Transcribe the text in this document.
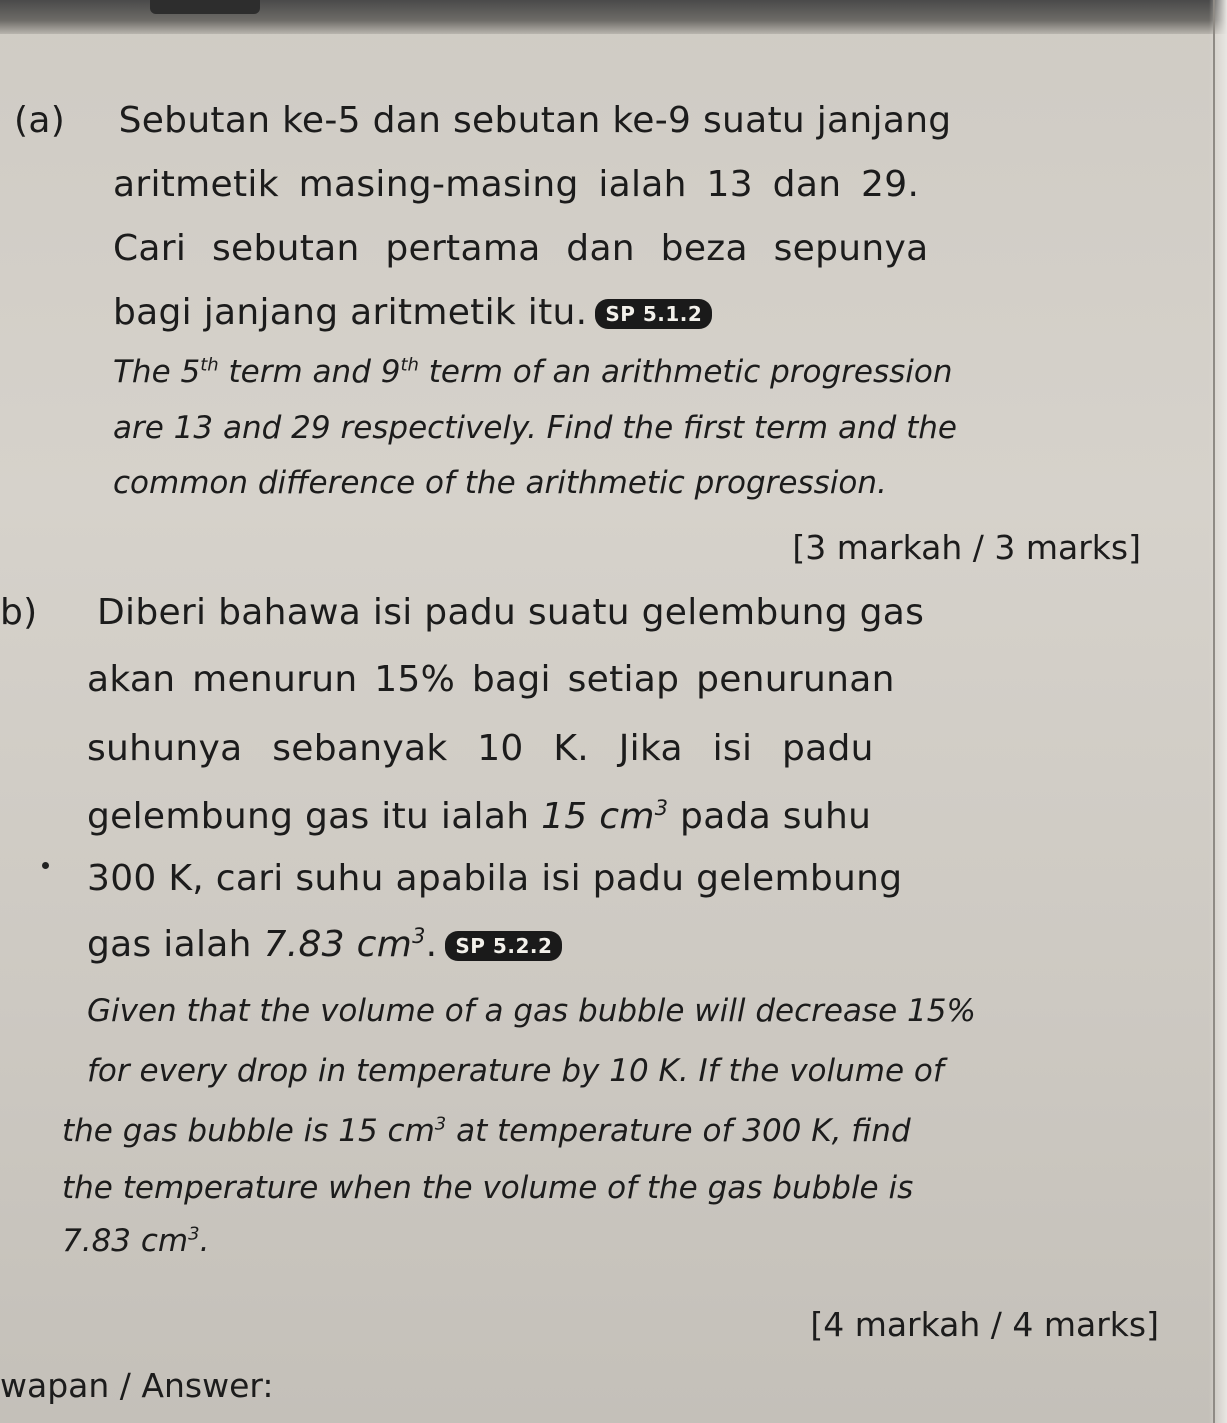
(a) Sebutan ke-5 dan sebutan ke-9 suatu janjang
aritmetik masing-masing ialah 13 dan 29.
Cari sebutan pertama dan beza sepunya
bagi janjang aritmetik itu. SP 5.1.2
The 5th term and 9th term of an arithmetic progression
are 13 and 29 respectively. Find the first term and the
common difference of the arithmetic progression.
[3 markah / 3 marks]
b) Diberi bahawa isi padu suatu gelembung gas
akan menurun 15% bagi setiap penurunan
suhunya sebanyak 10 K. Jika isi padu
gelembung gas itu ialah 15 $cm^3$ pada suhu
300 K, cari suhu apabila isi padu gelembung
gas ialah 7.83 $cm^3$. SP 5.2.2
Given that the volume of a gas bubble will decrease 15%
for every drop in temperature by 10 K. If the volume of
the gas bubble is 15 $cm^3$ at temperature of 300 K, find
the temperature when the volume of the gas bubble is
7.83 $cm^3$.
[4 markah / 4 marks]
wapan / Answer:
